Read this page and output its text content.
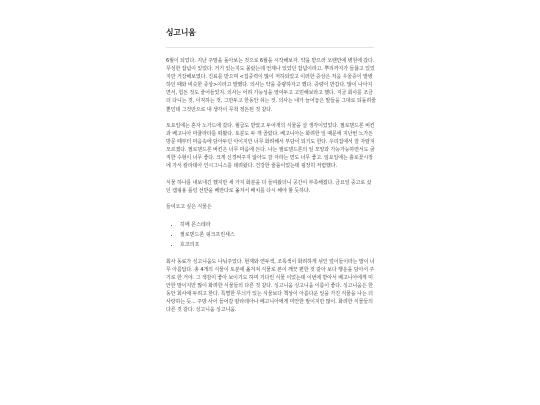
싱고니움

6월이 되었다. 지난 주말을 돌아보는 것으로 6월을 시작해보자. 약을 받으러 오랜만에 병원에 갔다. 무성한 잡념이 있었다. 거기 있는지도 몰랐는데 언제나 있었던 잡념이라고. 뿌리까지가 들끓고 있었지만 거강해보였다. 진료를 받으며 <집중력이 많이 저하되었고 이러한 증상은 처음 우울증이 발병하던 때와 비슷한 증상>이라고 말했다. 의사는 약을 증량하자고 했다. 증량이 반갑다. 많이 나아지면서, 힘든 것도 줄어들었지. 의사는 어려 가능성을 열어두고 고민해보라고 했다. 지금 회사를 조금 더 다니는 것, 이직하는 것, 그만두고 한동안 쉬는 것. 의사는 내가 늘어놓은 말들을 그대로 되돌려줄 뿐인데 그것만으로 내 생각이 무척 정돈된 것 같다.

토요일에는 혼자 노가드에 갔다. 월급도 받았고 두어개의 식물을 살 생각이었었다. 필로덴드론 버킨과 베고니아 마큘라타를 떠봤다. 토분도 두 개 골랐다. 베고니아는 화려한 잎 때문에 지난번 노가든 방문 때부터 마음속에 담아두던 아이지만 너무 화려해서 부담이 되기도 한다. 우리집에서 잘 자랄지 모르겠다. 필로덴드론 버킨은 너무 마음에 든다. 나는 필로덴드론의 잎 모양과 가능가능하면서도 굵직한 수형이 너무 좋다. 크게 신경써주지 않아도 잘 자라는 면도 너무 좋고. 임요일에는 흙로꽃시장에 가서 칼라데아 인시그니스를 데려왔다. 건강한 줄룰이었는데 굉장히 저렴했다.

식물 하나를 내보내긴 했지만 세 가지 화분을 더 들여왔더니 공간이 부족해졌다. 금요일 중고로 샀던 캠핑용 플링 선반을 베란다로 옮겨서 배치를 다시 해야 할 듯하다.

들여오고 싶은 식물은

• 히메 몬스테라
• 필로덴드론 핑크프린세스
• 호코리프

회사 동료가 싱고니움도 나눠주었다. 현재와 연두색, 조록색이 화려하게 섞인 얼이들이라는 말이 너무 아름답다. 총 4개의 식물이 토분에 옮겨져 식물로 본이 깨끗 편한 것 같아 보다 행운을 담아서 주기로 한 거야. 그 색감이 좋아 보이기도 하며 기다린 식물 이었는데 이번에 받아서 베고니아에게 미안한 말이지만 많이 화려한 식물들의 다른 것 같다. 싱고니움 싱고니움 이름이 좋다. 싱고니움은 한동안 회사에 두려고 한다. 특별한 무늬가 있는 식물보다 책상이 아름다운 잎을 가진 식물을 나는 더 사랑하는 듯... 주방 사이 들어갈 칼라데아나 베고니아에게 미안한 말이지만 많이. 화려한 식물들의 다른 것 같다. 싱고니움 싱고니움.
